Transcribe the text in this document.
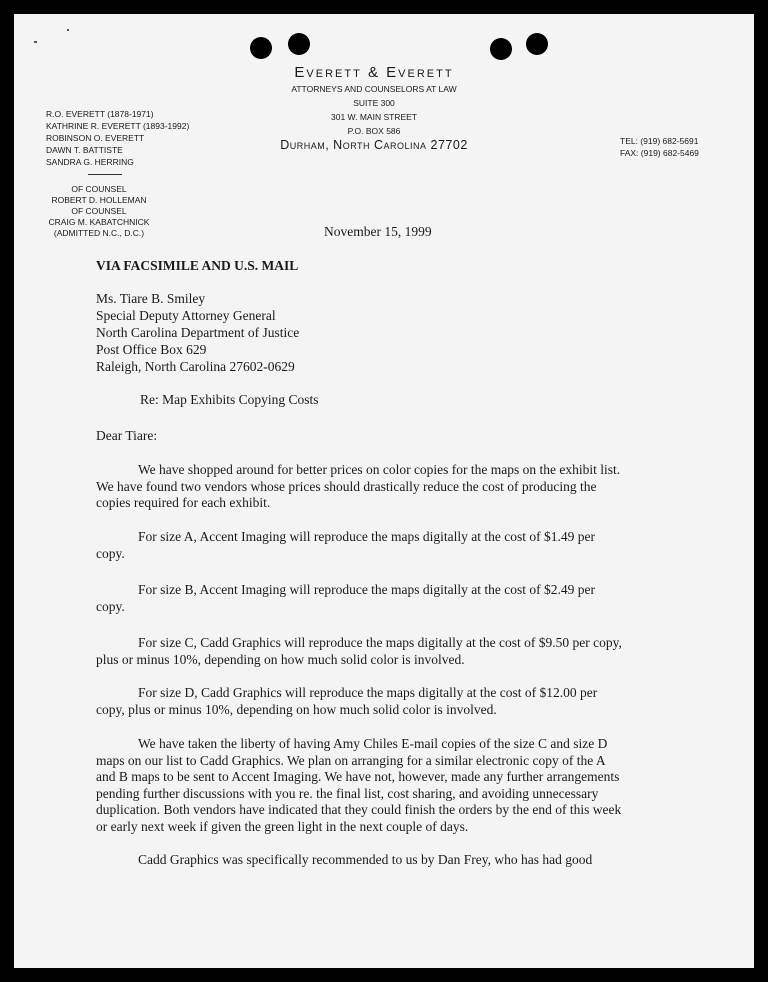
Everett & Everett
ATTORNEYS AND COUNSELORS AT LAW
SUITE 300
301 W. MAIN STREET
P.O. BOX 586
Durham, North Carolina 27702
R.O. EVERETT (1878-1971)
KATHRINE R. EVERETT (1893-1992)
ROBINSON O. EVERETT
DAWN T. BATTISTE
SANDRA G. HERRING
OF COUNSEL
ROBERT D. HOLLEMAN
OF COUNSEL
CRAIG M. KABATCHNICK
(ADMITTED N.C., D.C.)
TEL: (919) 682-5691
FAX: (919) 682-5469
November 15, 1999
VIA FACSIMILE AND U.S. MAIL
Ms. Tiare B. Smiley
Special Deputy Attorney General
North Carolina Department of Justice
Post Office Box 629
Raleigh, North Carolina 27602-0629
Re: Map Exhibits Copying Costs
Dear Tiare:
We have shopped around for better prices on color copies for the maps on the exhibit list.
We have found two vendors whose prices should drastically reduce the cost of producing the
copies required for each exhibit.
For size A, Accent Imaging will reproduce the maps digitally at the cost of $1.49 per
copy.
For size B, Accent Imaging will reproduce the maps digitally at the cost of $2.49 per
copy.
For size C, Cadd Graphics will reproduce the maps digitally at the cost of $9.50 per copy,
plus or minus 10%, depending on how much solid color is involved.
For size D, Cadd Graphics will reproduce the maps digitally at the cost of $12.00 per
copy, plus or minus 10%, depending on how much solid color is involved.
We have taken the liberty of having Amy Chiles E-mail copies of the size C and size D
maps on our list to Cadd Graphics. We plan on arranging for a similar electronic copy of the A
and B maps to be sent to Accent Imaging. We have not, however, made any further arrangements
pending further discussions with you re. the final list, cost sharing, and avoiding unnecessary
duplication. Both vendors have indicated that they could finish the orders by the end of this week
or early next week if given the green light in the next couple of days.
Cadd Graphics was specifically recommended to us by Dan Frey, who has had good
